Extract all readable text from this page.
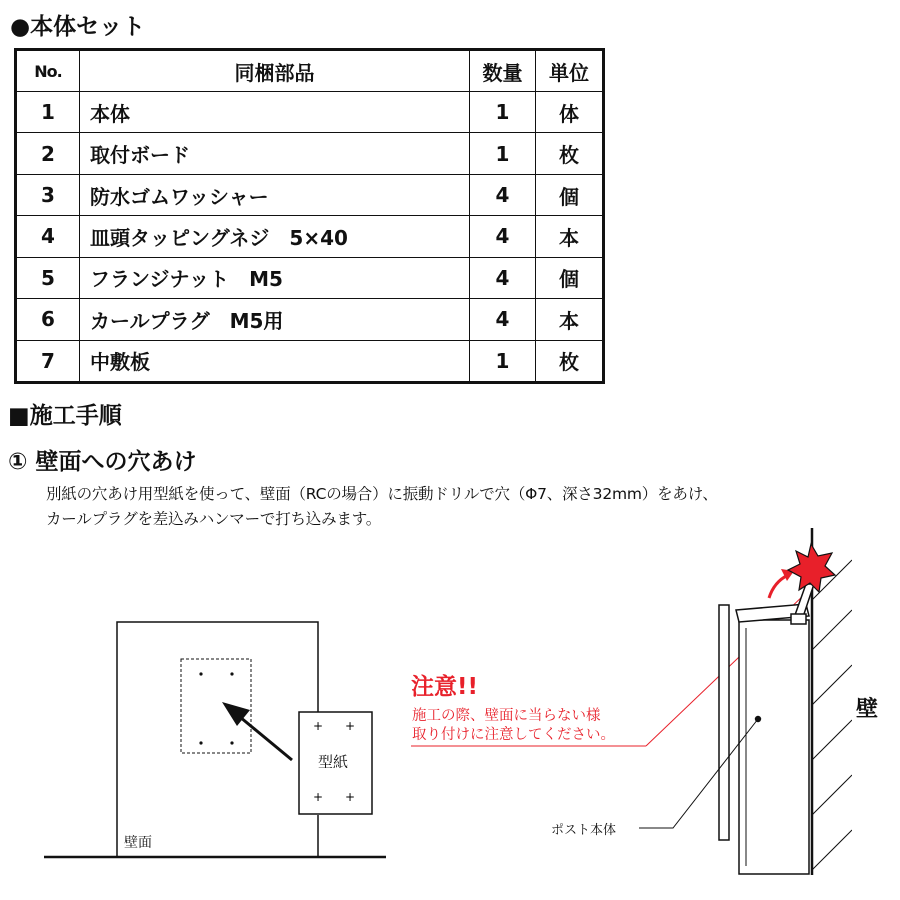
●本体セット
No.	同梱部品	数量	単位
1	本体	1	体
2	取付ボード	1	枚
3	防水ゴムワッシャー	4	個
4	皿頭タッピングネジ　5×40	4	本
5	フランジナット　M5	4	個
6	カールプラグ　M5用	4	本
7	中敷板	1	枚
■施工手順
① 壁面への穴あけ
別紙の穴あけ用型紙を使って、壁面（RCの場合）に振動ドリルで穴（Φ7、深さ32mm）をあけ、
カールプラグを差込みハンマーで打ち込みます。
+ +
+ +
型紙
壁面
注意!!
施工の際、壁面に当らない様
取り付けに注意してください。
ポスト本体
壁
